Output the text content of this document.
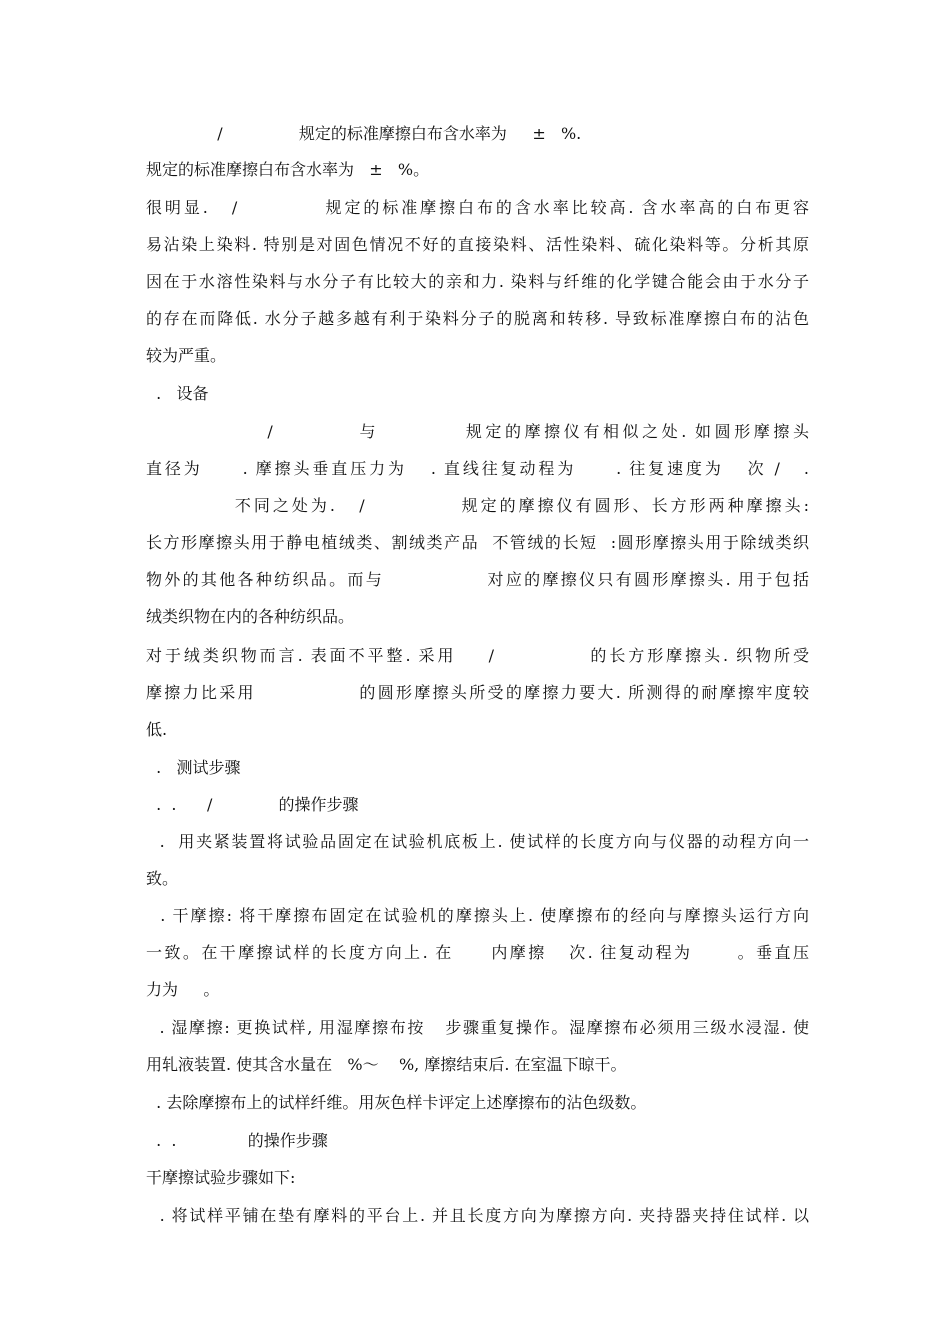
/               规定的标准摩擦白布含水率为     ±   %.
规定的标准摩擦白布含水率为   ±   %。
很明显.   /           规定的标准摩擦白布的含水率比较高. 含水率高的白布更容
易沾染上染料. 特别是对固色情况不好的直接染料、活性染料、硫化染料等。分析其原
因在于水溶性染料与水分子有比较大的亲和力. 染料与纤维的化学键合能会由于水分子
的存在而降低. 水分子越多越有利于染料分子的脱离和转移. 导致标准摩擦白布的沾色
较为严重。
.   设备
/          与          规定的摩擦仪有相似之处. 如圆形摩擦头
直径为     . 摩擦头垂直压力为   . 直线往复动程为     . 往复速度为   次 /   .
不同之处为.   /            规定的摩擦仪有圆形、长方形两种摩擦头:
长方形摩擦头用于静电植绒类、割绒类产品  不管绒的长短  :圆形摩擦头用于除绒类织
物外的其他各种纺织品。而与              对应的摩擦仪只有圆形摩擦头. 用于包括
绒类织物在内的各种纺织品。
对于绒类织物而言. 表面不平整. 采用    /            的长方形摩擦头. 织物所受
摩擦力比采用              的圆形摩擦头所受的摩擦力要大. 所测得的耐摩擦牢度较
低.
.   测试步骤
.  .      /             的操作步骤
.  用夹紧装置将试验品固定在试验机底板上. 使试样的长度方向与仪器的动程方向一
致。
. 干摩擦: 将干摩擦布固定在试验机的摩擦头上. 使摩擦布的经向与摩擦头运行方向
一致。在干摩擦试样的长度方向上. 在     内摩擦   次. 往复动程为      。垂直压
力为     。
. 湿摩擦: 更换试样, 用湿摩擦布按   步骤重复操作。湿摩擦布必须用三级水浸湿. 使
用轧液装置. 使其含水量在   %～    %, 摩擦结束后. 在室温下晾干。
. 去除摩擦布上的试样纤维。用灰色样卡评定上述摩擦布的沾色级数。
.  .              的操作步骤
干摩擦试验步骤如下:
. 将试样平铺在垫有摩料的平台上. 并且长度方向为摩擦方向. 夹持器夹持住试样. 以
